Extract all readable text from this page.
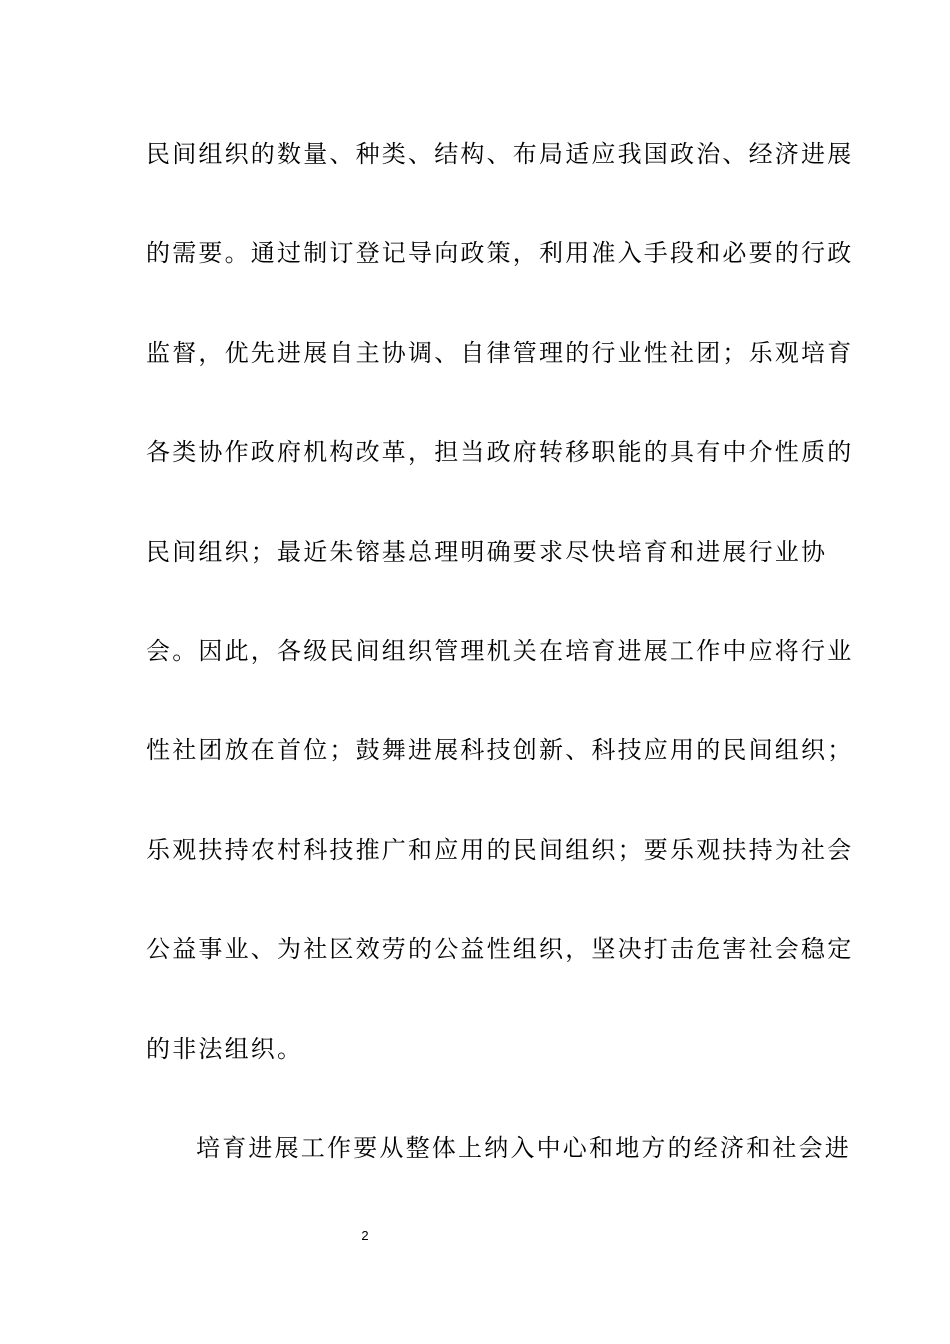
民间组织的数量、种类、结构、布局适应我国政治、经济进展
的需要。通过制订登记导向政策，利用准入手段和必要的行政
监督，优先进展自主协调、自律管理的行业性社团；乐观培育
各类协作政府机构改革，担当政府转移职能的具有中介性质的
民间组织；最近朱镕基总理明确要求尽快培育和进展行业协
会。因此，各级民间组织管理机关在培育进展工作中应将行业
性社团放在首位；鼓舞进展科技创新、科技应用的民间组织；
乐观扶持农村科技推广和应用的民间组织；要乐观扶持为社会
公益事业、为社区效劳的公益性组织，坚决打击危害社会稳定
的非法组织。
培育进展工作要从整体上纳入中心和地方的经济和社会进
2
